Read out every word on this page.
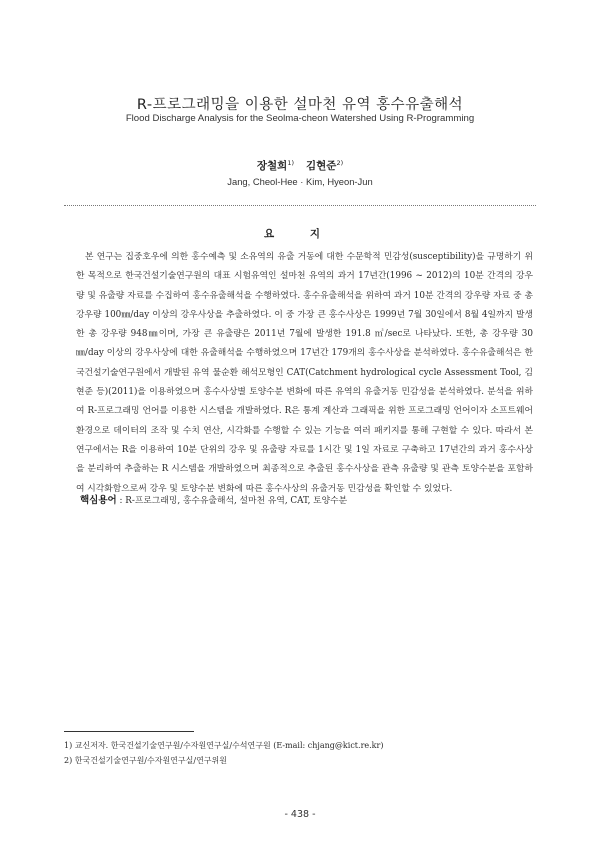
R-프로그래밍을 이용한 설마천 유역 홍수유출해석
Flood Discharge Analysis for the Seolma-cheon Watershed Using R-Programming
장철희$^{1)}$ 김현준$^{2)}$
Jang, Cheol-Hee · Kim, Hyeon-Jun
요 지

본 연구는 집중호우에 의한 홍수예측 및 소유역의 유출 거동에 대한 수문학적 민감성(susceptibility)을 규명하기 위한 목적으로 한국건설기술연구원의 대표 시험유역인 설마천 유역의 과거 17년간(1996 ~ 2012)의 10분 간격의 강우량 및 유출량 자료를 수집하여 홍수유출해석을 수행하였다. 홍수유출해석을 위하여 과거 10분 간격의 강우량 자료 중 총 강우량 100㎜/day 이상의 강우사상을 추출하였다. 이 중 가장 큰 홍수사상은 1999년 7월 30일에서 8월 4일까지 발생한 총 강우량 948㎜이며, 가장 큰 유출량은 2011년 7월에 발생한 191.8 ㎥/sec로 나타났다. 또한, 총 강우량 30㎜/day 이상의 강우사상에 대한 유출해석을 수행하였으며 17년간 179개의 홍수사상을 분석하였다. 홍수유출해석은 한국건설기술연구원에서 개발된 유역 물순환 해석모형인 CAT(Catchment hydrological cycle Assessment Tool, 김현준 등)(2011)을 이용하였으며 홍수사상별 토양수분 변화에 따른 유역의 유출거동 민감성을 분석하였다. 분석을 위하여 R-프로그래밍 언어를 이용한 시스템을 개발하였다. R은 통계 계산과 그래픽을 위한 프로그래밍 언어이자 소프트웨어 환경으로 데이터의 조작 및 수치 연산, 시각화를 수행할 수 있는 기능을 여러 패키지를 통해 구현할 수 있다. 따라서 본 연구에서는 R을 이용하여 10분 단위의 강우 및 유출량 자료를 1시간 및 1일 자료로 구축하고 17년간의 과거 홍수사상을 분리하여 추출하는 R 시스템을 개발하였으며 최종적으로 추출된 홍수사상을 관측 유출량 및 관측 토양수분을 포함하여 시각화함으로써 강우 및 토양수분 변화에 따른 홍수사상의 유출거동 민감성을 확인할 수 있었다.

핵심용어 : R-프로그래밍, 홍수유출해석, 설마천 유역, CAT, 토양수분
1) 교신저자. 한국건설기술연구원/수자원연구실/수석연구원 (E-mail: chjang@kict.re.kr)
2) 한국건설기술연구원/수자원연구실/연구위원
- 438 -
